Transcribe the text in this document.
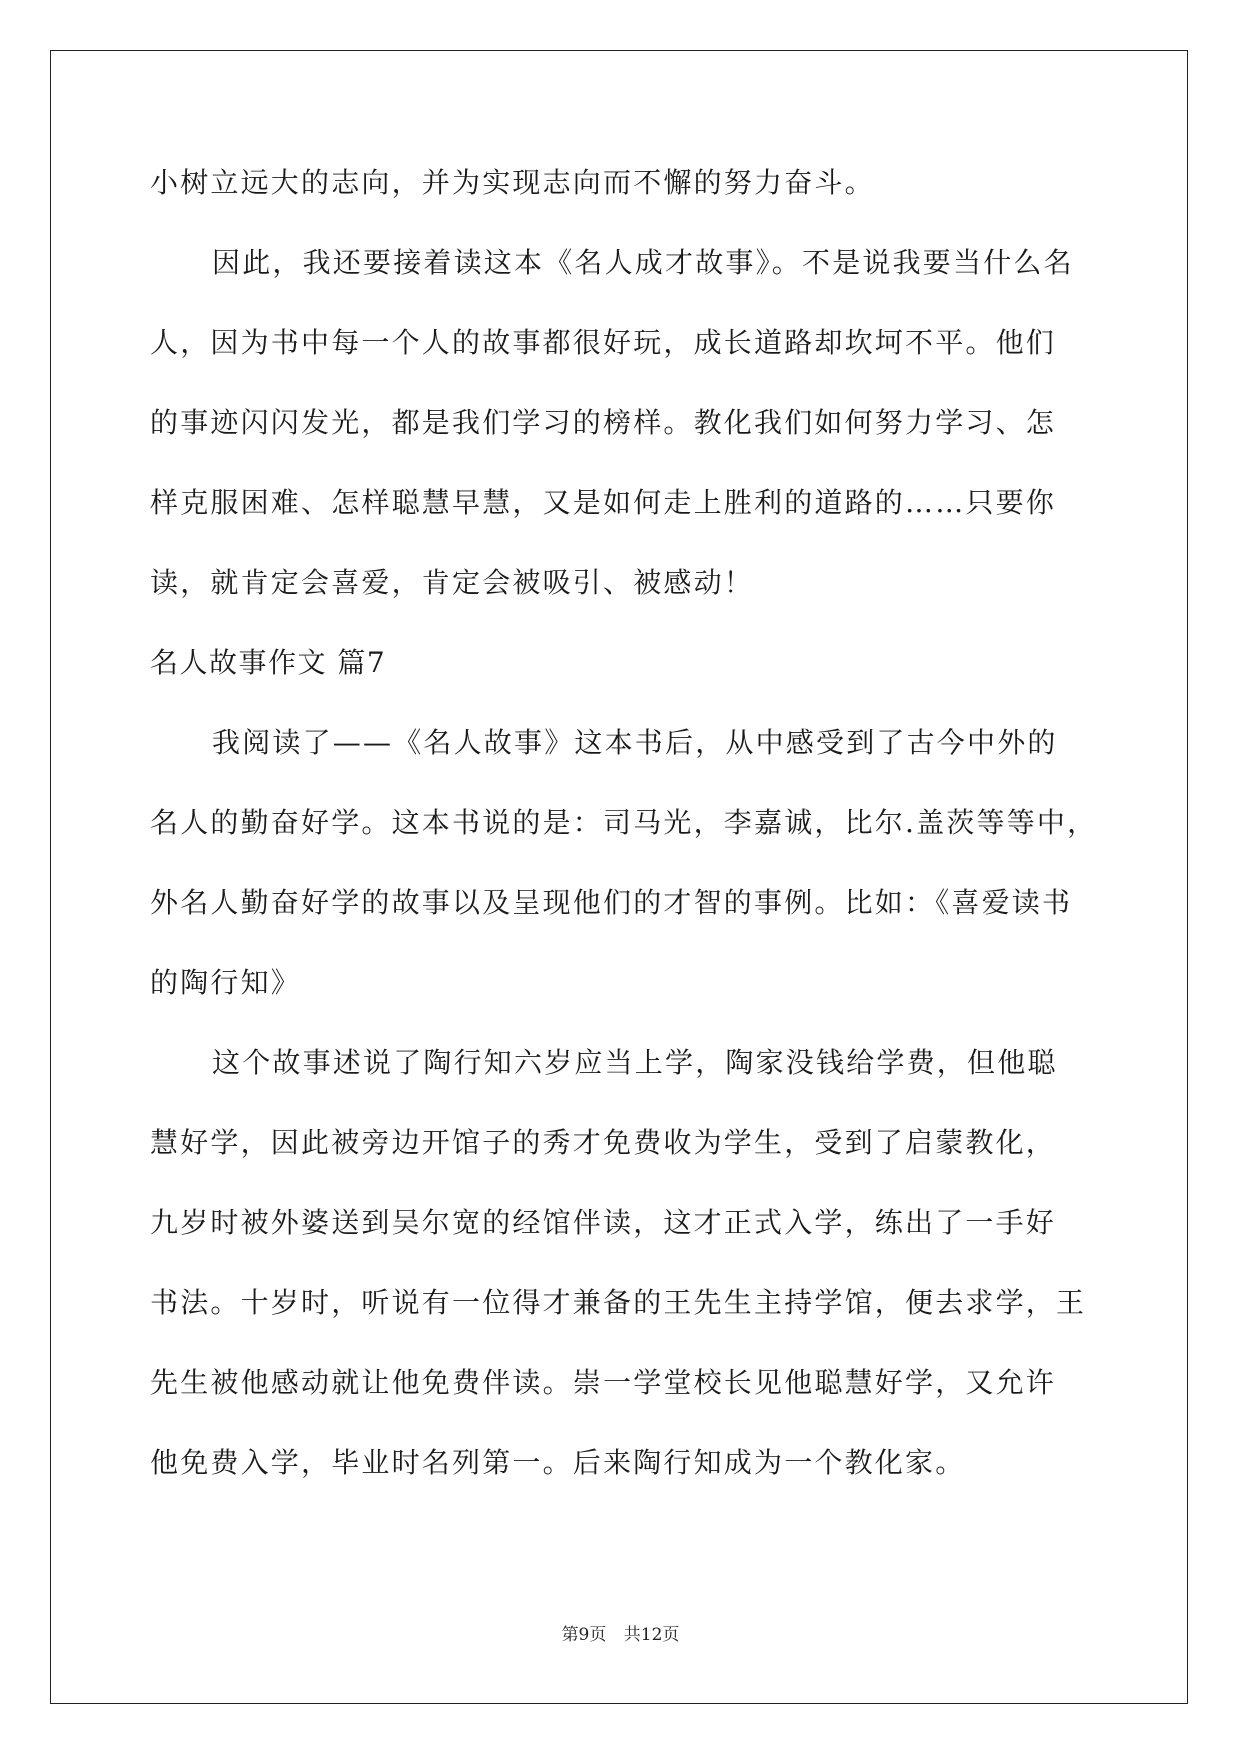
小树立远大的志向，并为实现志向而不懈的努力奋斗。
因此，我还要接着读这本《名人成才故事》。不是说我要当什么名
人，因为书中每一个人的故事都很好玩，成长道路却坎坷不平。他们
的事迹闪闪发光，都是我们学习的榜样。教化我们如何努力学习、怎
样克服困难、怎样聪慧早慧，又是如何走上胜利的道路的……只要你
读，就肯定会喜爱，肯定会被吸引、被感动！
名人故事作文 篇7
我阅读了——《名人故事》这本书后，从中感受到了古今中外的
名人的勤奋好学。这本书说的是：司马光，李嘉诚，比尔.盖茨等等中，
外名人勤奋好学的故事以及呈现他们的才智的事例。比如：《喜爱读书
的陶行知》
这个故事述说了陶行知六岁应当上学，陶家没钱给学费，但他聪
慧好学，因此被旁边开馆子的秀才免费收为学生，受到了启蒙教化，
九岁时被外婆送到吴尔宽的经馆伴读，这才正式入学，练出了一手好
书法。十岁时，听说有一位得才兼备的王先生主持学馆，便去求学，王
先生被他感动就让他免费伴读。崇一学堂校长见他聪慧好学，又允许
他免费入学，毕业时名列第一。后来陶行知成为一个教化家。
第9页 共12页
